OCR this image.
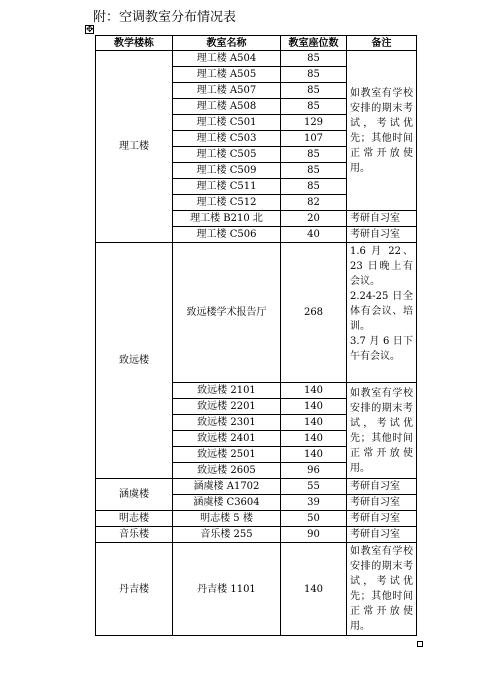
附：空调教室分布情况表
✥
教学楼栋	教室名称	教室座位数	备注
理工楼	理工楼 A504	85	如教室有学校安排的期末考试，考试优先；其他时间正常开放使用。
	理工楼 A505	85	
	理工楼 A507	85	
	理工楼 A508	85	
	理工楼 C501	129	
	理工楼 C503	107	
	理工楼 C505	85	
	理工楼 C509	85	
	理工楼 C511	85	
	理工楼 C512	82	
	理工楼 B210 北	20	考研自习室
	理工楼 C506	40	考研自习室
致远楼	致远楼学术报告厅	268	1.6 月 22、23 日晚上有会议。

2.24-25 日全体有会议、培训。

3.7 月 6 日下午有会议。

	致远楼 2101	140	如教室有学校安排的期末考试，考试优先；其他时间正常开放使用。
	致远楼 2201	140	
	致远楼 2301	140	
	致远楼 2401	140	
	致远楼 2501	140	
	致远楼 2605	96	
涵虞楼	涵虞楼 A1702	55	考研自习室
	涵虞楼 C3604	39	考研自习室
明志楼	明志楼 5 楼	50	考研自习室
音乐楼	音乐楼 255	90	考研自习室
丹吉楼	丹吉楼 1101	140	如教室有学校安排的期末考试，考试优先；其他时间正常开放使用。
